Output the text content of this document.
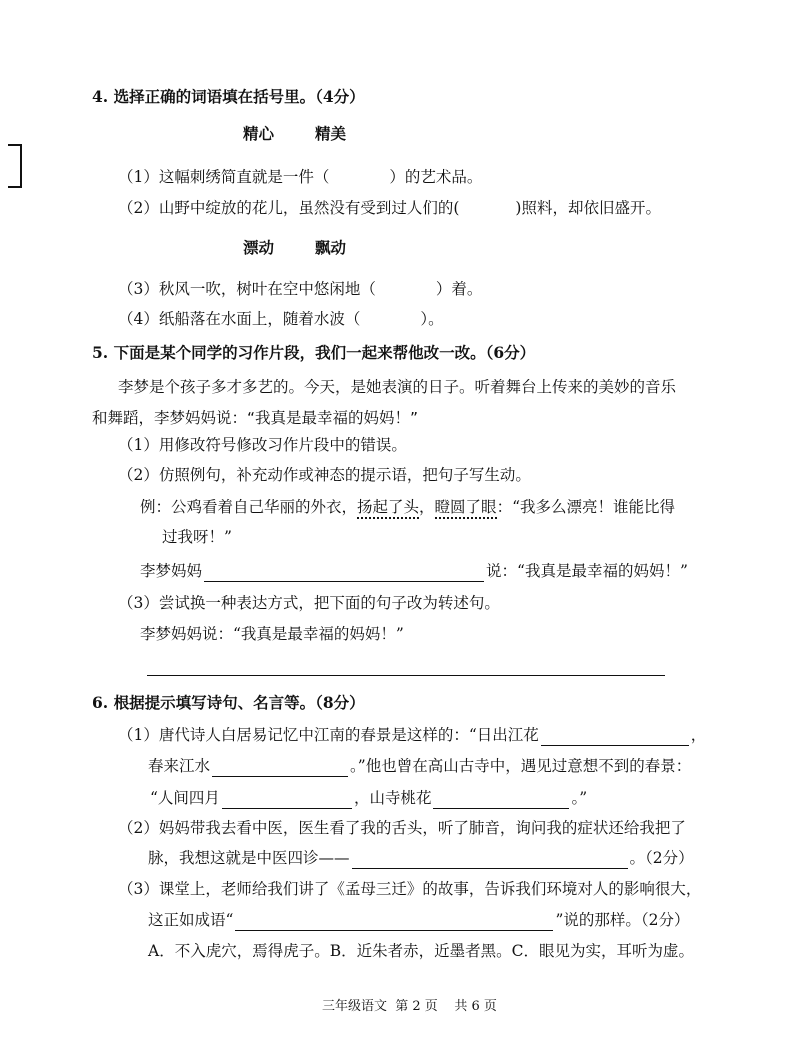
4. 选择正确的词语填在括号里。（4分）
精心	精美
（1）这幅刺绣简直就是一件（	）的艺术品。
（2）山野中绽放的花儿，虽然没有受到过人们的(	)照料，却依旧盛开。
漂动	飘动
（3）秋风一吹，树叶在空中悠闲地（	）着。
（4）纸船落在水面上，随着水波（	）。
5. 下面是某个同学的习作片段，我们一起来帮他改一改。（6分）
李梦是个孩子多才多艺的。今天，是她表演的日子。听着舞台上传来的美妙的音乐
和舞蹈，李梦妈妈说：“我真是最幸福的妈妈！”
（1）用修改符号修改习作片段中的错误。
（2）仿照例句，补充动作或神态的提示语，把句子写生动。
例：公鸡看着自己华丽的外衣，扬起了头，瞪圆了眼：“我多么漂亮！谁能比得
过我呀！”
李梦妈妈	说：“我真是最幸福的妈妈！”
（3）尝试换一种表达方式，把下面的句子改为转述句。
李梦妈妈说：“我真是最幸福的妈妈！”
6. 根据提示填写诗句、名言等。（8分）
（1）唐代诗人白居易记忆中江南的春景是这样的：“日出江花	，
春来江水	。”他也曾在高山古寺中，遇见过意想不到的春景：
“人间四月	，山寺桃花	。”
（2）妈妈带我去看中医，医生看了我的舌头，听了肺音，询问我的症状还给我把了
脉，我想这就是中医四诊——	。（2分）
（3）课堂上，老师给我们讲了《孟母三迁》的故事，告诉我们环境对人的影响很大，
这正如成语“	”说的那样。（2分）
A．不入虎穴，焉得虎子。B．近朱者赤，近墨者黑。C．眼见为实，耳听为虚。
三年级语文  第 2 页    共 6 页
